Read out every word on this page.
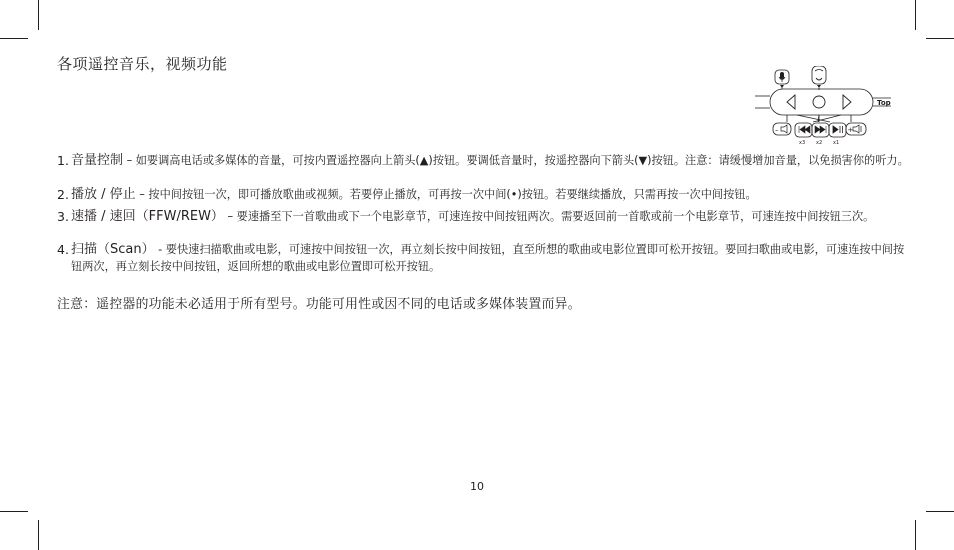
各项遥控音乐，视频功能
Top
–
x3 x2 x1
+
1. 音量控制 – 如要调高电话或多媒体的音量，可按内置遥控器向上箭头(▲)按钮。要调低音量时，按遥控器向下箭头(▼)按钮。注意：请缓慢增加音量，以免损害你的听力。
2. 播放 / 停止 – 按中间按钮一次，即可播放歌曲或视频。若要停止播放，可再按一次中间(•)按钮。若要继续播放，只需再按一次中间按钮。
3. 速播 / 速回（FFW/REW） – 要速播至下一首歌曲或下一个电影章节，可速连按中间按钮两次。需要返回前一首歌或前一个电影章节，可速连按中间按钮三次。
4. 扫描（Scan） - 要快速扫描歌曲或电影，可速按中间按钮一次，再立刻长按中间按钮，直至所想的歌曲或电影位置即可松开按钮。要回扫歌曲或电影，可速连按中间按钮两次，再立刻长按中间按钮，返回所想的歌曲或电影位置即可松开按钮。
注意：遥控器的功能未必适用于所有型号。功能可用性或因不同的电话或多媒体装置而异。
10
